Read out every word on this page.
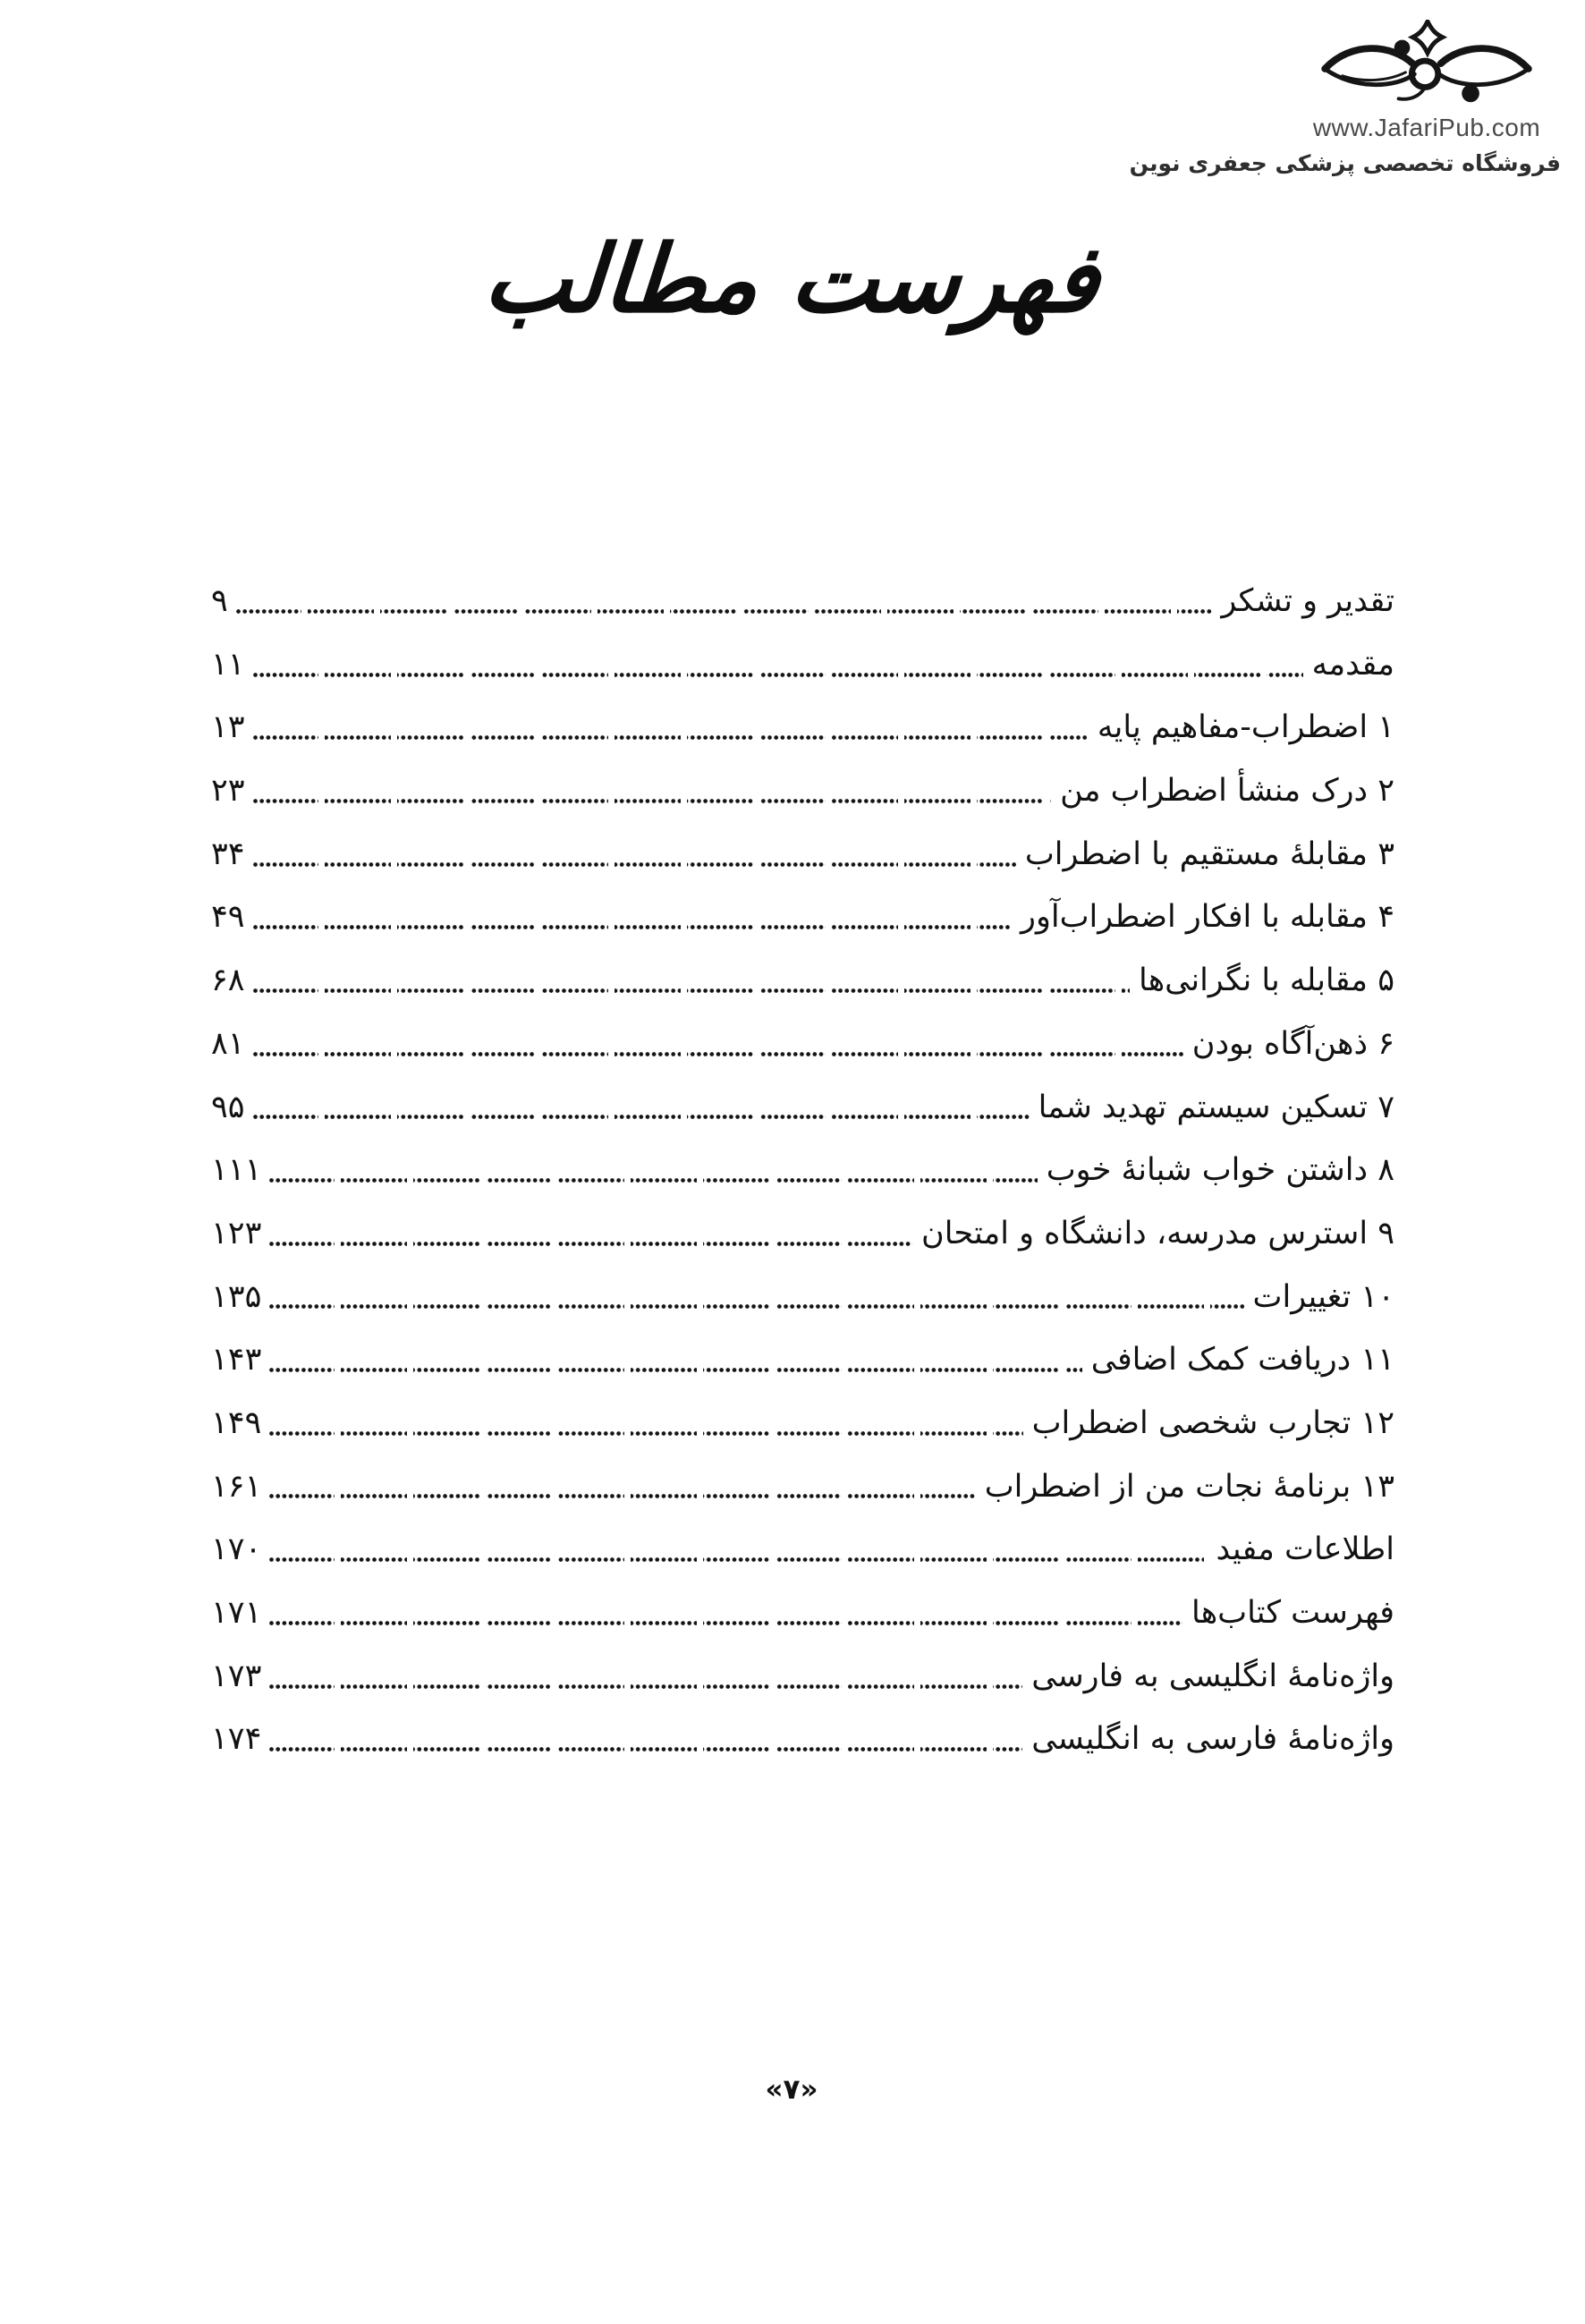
www.JafariPub.com
فروشگاه تخصصی پزشکی جعفری نوین
فهرست مطالب
تقدیر و تشکر
۹
مقدمه
۱۱
۱ اضطراب-مفاهیم پایه
۱۳
۲ درک منشأ اضطراب من
۲۳
۳ مقابلهٔ مستقیم با اضطراب
۳۴
۴ مقابله با افکار اضطراب‌آور
۴۹
۵ مقابله با نگرانی‌ها
۶۸
۶ ذهن‌آگاه بودن
۸۱
۷ تسکین سیستم تهدید شما
۹۵
۸ داشتن خواب شبانهٔ خوب
۱۱۱
۹ استرس مدرسه، دانشگاه و امتحان
۱۲۳
۱۰ تغییرات
۱۳۵
۱۱ دریافت کمک اضافی
۱۴۳
۱۲ تجارب شخصی اضطراب
۱۴۹
۱۳ برنامهٔ نجات من از اضطراب
۱۶۱
اطلاعات مفید
۱۷۰
فهرست کتاب‌ها
۱۷۱
واژه‌نامهٔ انگلیسی به فارسی
۱۷۳
واژه‌نامهٔ فارسی به انگلیسی
۱۷۴
«۷»
